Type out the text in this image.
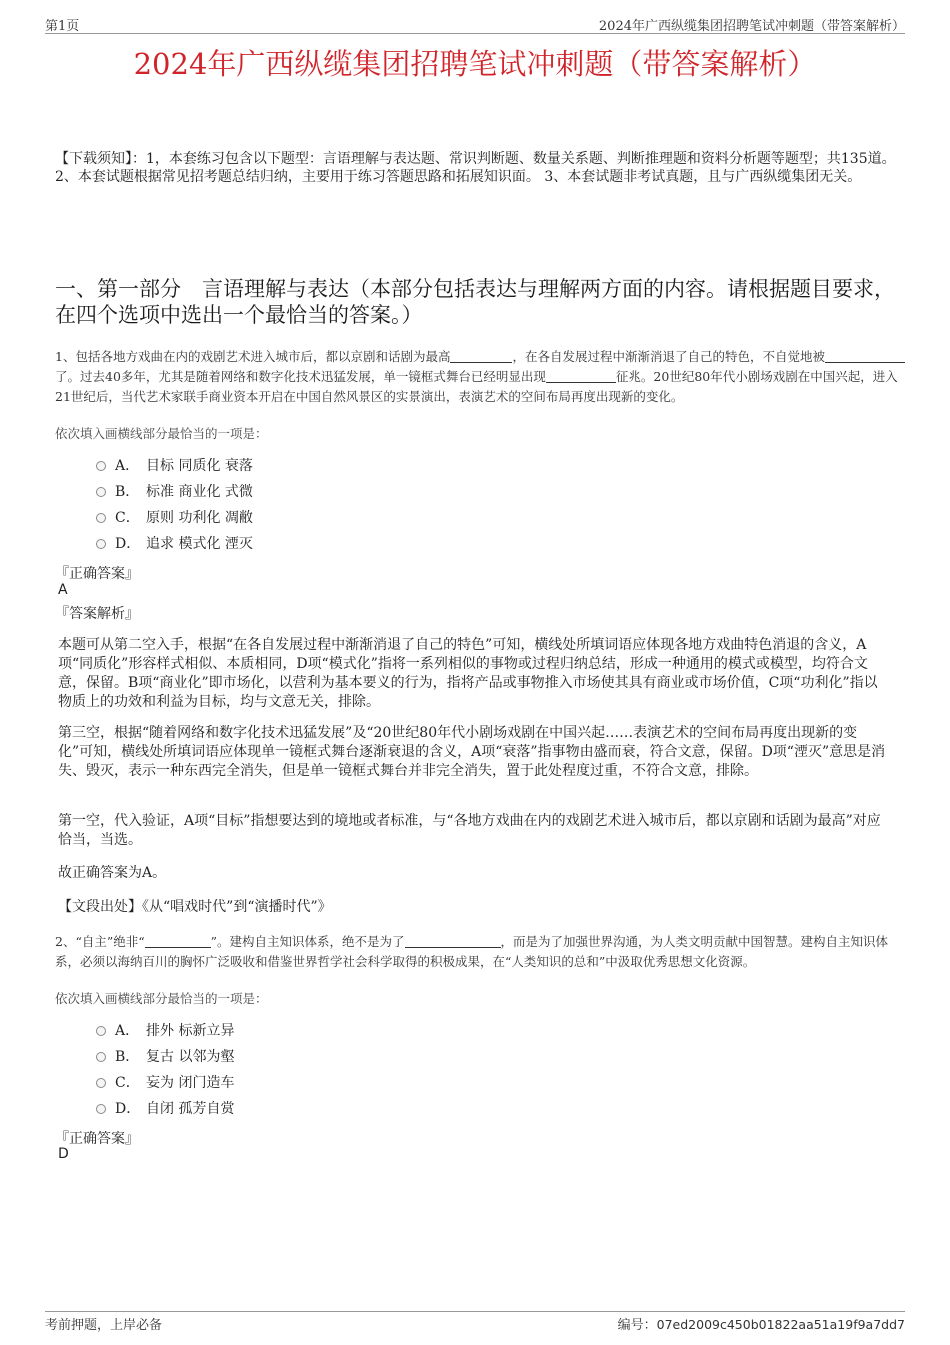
第1页	2024年广西纵缆集团招聘笔试冲刺题（带答案解析）
2024年广西纵缆集团招聘笔试冲刺题（带答案解析）
【下载须知】：1，本套练习包含以下题型：言语理解与表达题、常识判断题、数量关系题、判断推理题和资料分析题等题型；共135道。 2、本套试题根据常见招考题总结归纳，主要用于练习答题思路和拓展知识面。 3、本套试题非考试真题，且与广西纵缆集团无关。
一、第一部分　言语理解与表达（本部分包括表达与理解两方面的内容。请根据题目要求，在四个选项中选出一个最恰当的答案。）
1、包括各地方戏曲在内的戏剧艺术进入城市后，都以京剧和话剧为最高	，在各自发展过程中渐渐消退了自己的特色，不自觉地被了。过去40多年，尤其是随着网络和数字化技术迅猛发展，单一镜框式舞台已经明显出现	征兆。20世纪80年代小剧场戏剧在中国兴起，进入21世纪后，当代艺术家联手商业资本开启在中国自然风景区的实景演出，表演艺术的空间布局再度出现新的变化。
依次填入画横线部分最恰当的一项是：
A． 目标 同质化 衰落
B． 标准 商业化 式微
C． 原则 功利化 凋敝
D． 追求 模式化 湮灭
『正确答案』
A
『答案解析』
本题可从第二空入手，根据“在各自发展过程中渐渐消退了自己的特色”可知，横线处所填词语应体现各地方戏曲特色消退的含义，A项“同质化”形容样式相似、本质相同，D项“模式化”指将一系列相似的事物或过程归纳总结，形成一种通用的模式或模型，均符合文意，保留。B项“商业化”即市场化，以营利为基本要义的行为，指将产品或事物推入市场使其具有商业或市场价值，C项“功利化”指以物质上的功效和利益为目标，均与文意无关，排除。
第三空，根据“随着网络和数字化技术迅猛发展”及“20世纪80年代小剧场戏剧在中国兴起……表演艺术的空间布局再度出现新的变化”可知，横线处所填词语应体现单一镜框式舞台逐渐衰退的含义，A项“衰落”指事物由盛而衰，符合文意，保留。D项“湮灭”意思是消失、毁灭，表示一种东西完全消失，但是单一镜框式舞台并非完全消失，置于此处程度过重，不符合文意，排除。
第一空，代入验证，A项“目标”指想要达到的境地或者标准，与“各地方戏曲在内的戏剧艺术进入城市后，都以京剧和话剧为最高”对应恰当，当选。
故正确答案为A。
【文段出处】《从“唱戏时代”到“演播时代”》
2、“自主”绝非“	”。建构自主知识体系，绝不是为了	，而是为了加强世界沟通，为人类文明贡献中国智慧。建构自主知识体系，必须以海纳百川的胸怀广泛吸收和借鉴世界哲学社会科学取得的积极成果，在“人类知识的总和”中汲取优秀思想文化资源。
依次填入画横线部分最恰当的一项是：
A． 排外 标新立异
B． 复古 以邻为壑
C． 妄为 闭门造车
D． 自闭 孤芳自赏
『正确答案』
D
考前押题，上岸必备	编号：07ed2009c450b01822aa51a19f9a7dd7
